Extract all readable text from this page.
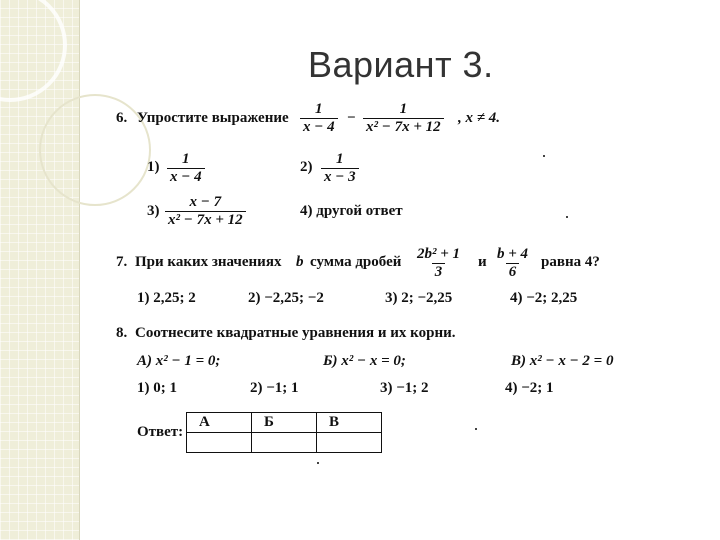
Вариант 3.
6. Упростите выражение $\frac{1}{x - 4} - \frac{1}{\text{x² − 7x + 12}}$ , x ≠ 4.
$1) \frac{1}{x - 4}$	$2) \frac{1}{x - 3}$
$3) \frac{x - 7}{\text{x² − 7x + 12}}$	4) другой ответ
7. При каких значениях b сумма дробей $\frac{\text{2b² + 1}}{3}$ и $\frac{b + 4}{6}$ равна 4?
1) 2,25; 2	2) −2,25; −2	3) 2; −2,25	4) −2; 2,25
8. Соотнесите квадратные уравнения и их корни.
А) x² − 1 = 0;	Б) x² − x = 0;	В) x² − x − 2 = 0
1) 0; 1	2) −1; 1	3) −1; 2	4) −2; 1
Ответ:
А	Б	В
